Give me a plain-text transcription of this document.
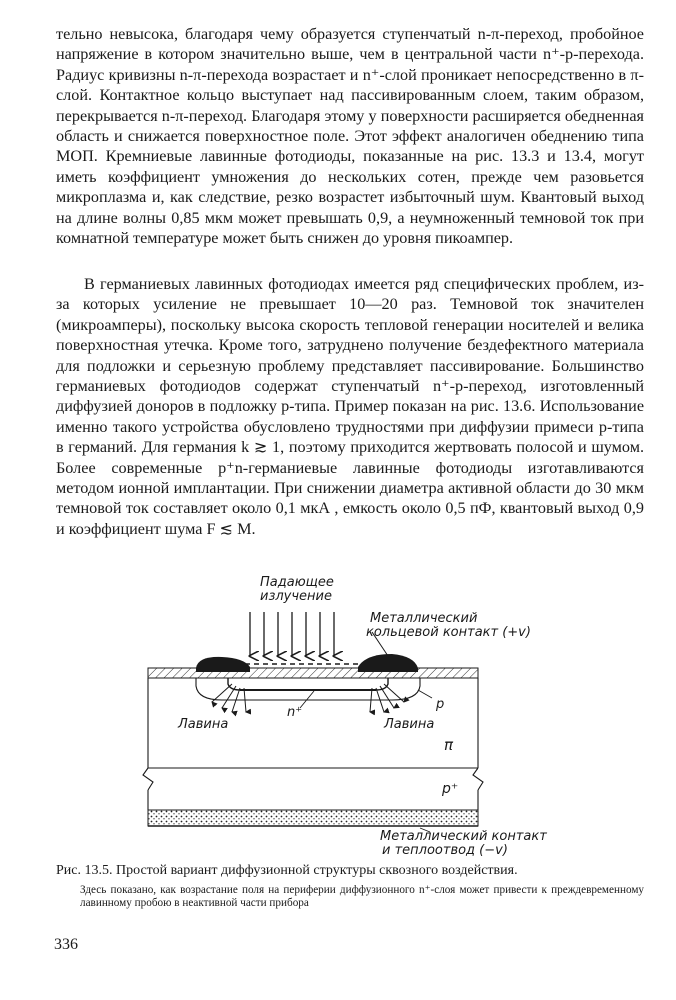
тельно невысока, благодаря чему образуется ступенчатый n-π-переход, пробойное напряжение в котором значительно выше, чем в центральной части n⁺-p-перехода. Радиус кривизны n-π-перехода возрастает и n⁺-слой проникает непосредственно в π-слой. Контактное кольцо выступает над пассивированным слоем, таким образом, перекрывается n-π-переход. Благодаря этому у поверхности расширяется обедненная область и снижается поверхностное поле. Этот эффект аналогичен обеднению типа МОП. Кремниевые лавинные фотодиоды, показанные на рис. 13.3 и 13.4, могут иметь коэффициент умножения до нескольких сотен, прежде чем разовьется микроплазма и, как следствие, резко возрастет избыточный шум. Квантовый выход на длине волны 0,85 мкм может превышать 0,9, а неумноженный темновой ток при комнатной температуре может быть снижен до уровня пикоампер.

В германиевых лавинных фотодиодах имеется ряд специфических проблем, из-за которых усиление не превышает 10—20 раз. Темновой ток значителен (микроамперы), поскольку высока скорость тепловой генерации носителей и велика поверхностная утечка. Кроме того, затруднено получение бездефектного материала для подложки и серьезную проблему представляет пассивирование. Большинство германиевых фотодиодов содержат ступенчатый n⁺-p-переход, изготовленный диффузией доноров в подложку p-типа. Пример показан на рис. 13.6. Использование именно такого устройства обусловлено трудностями при диффузии примеси p-типа в германий. Для германия k ≳ 1, поэтому приходится жертвовать полосой и шумом. Более современные p⁺n-германиевые лавинные фотодиоды изготавливаются методом ионной имплантации. При снижении диаметра активной области до 30 мкм темновой ток составляет около 0,1 мкА , емкость около 0,5 пФ, квантовый выход 0,9 и коэффициент шума F ≲ M.

Падающее
излучение
Металлический
кольцевой контакт (+v)
n⁺
p
Лавина	Лавина
π
p⁺
Металлический контакт
и теплоотвод (−v)
Рис. 13.5. Простой вариант диффузионной структуры сквозного воздействия.
Здесь показано, как возрастание поля на периферии диффузионного n⁺-слоя может привести к преждевременному лавинному пробою в неактивной части прибора
336
